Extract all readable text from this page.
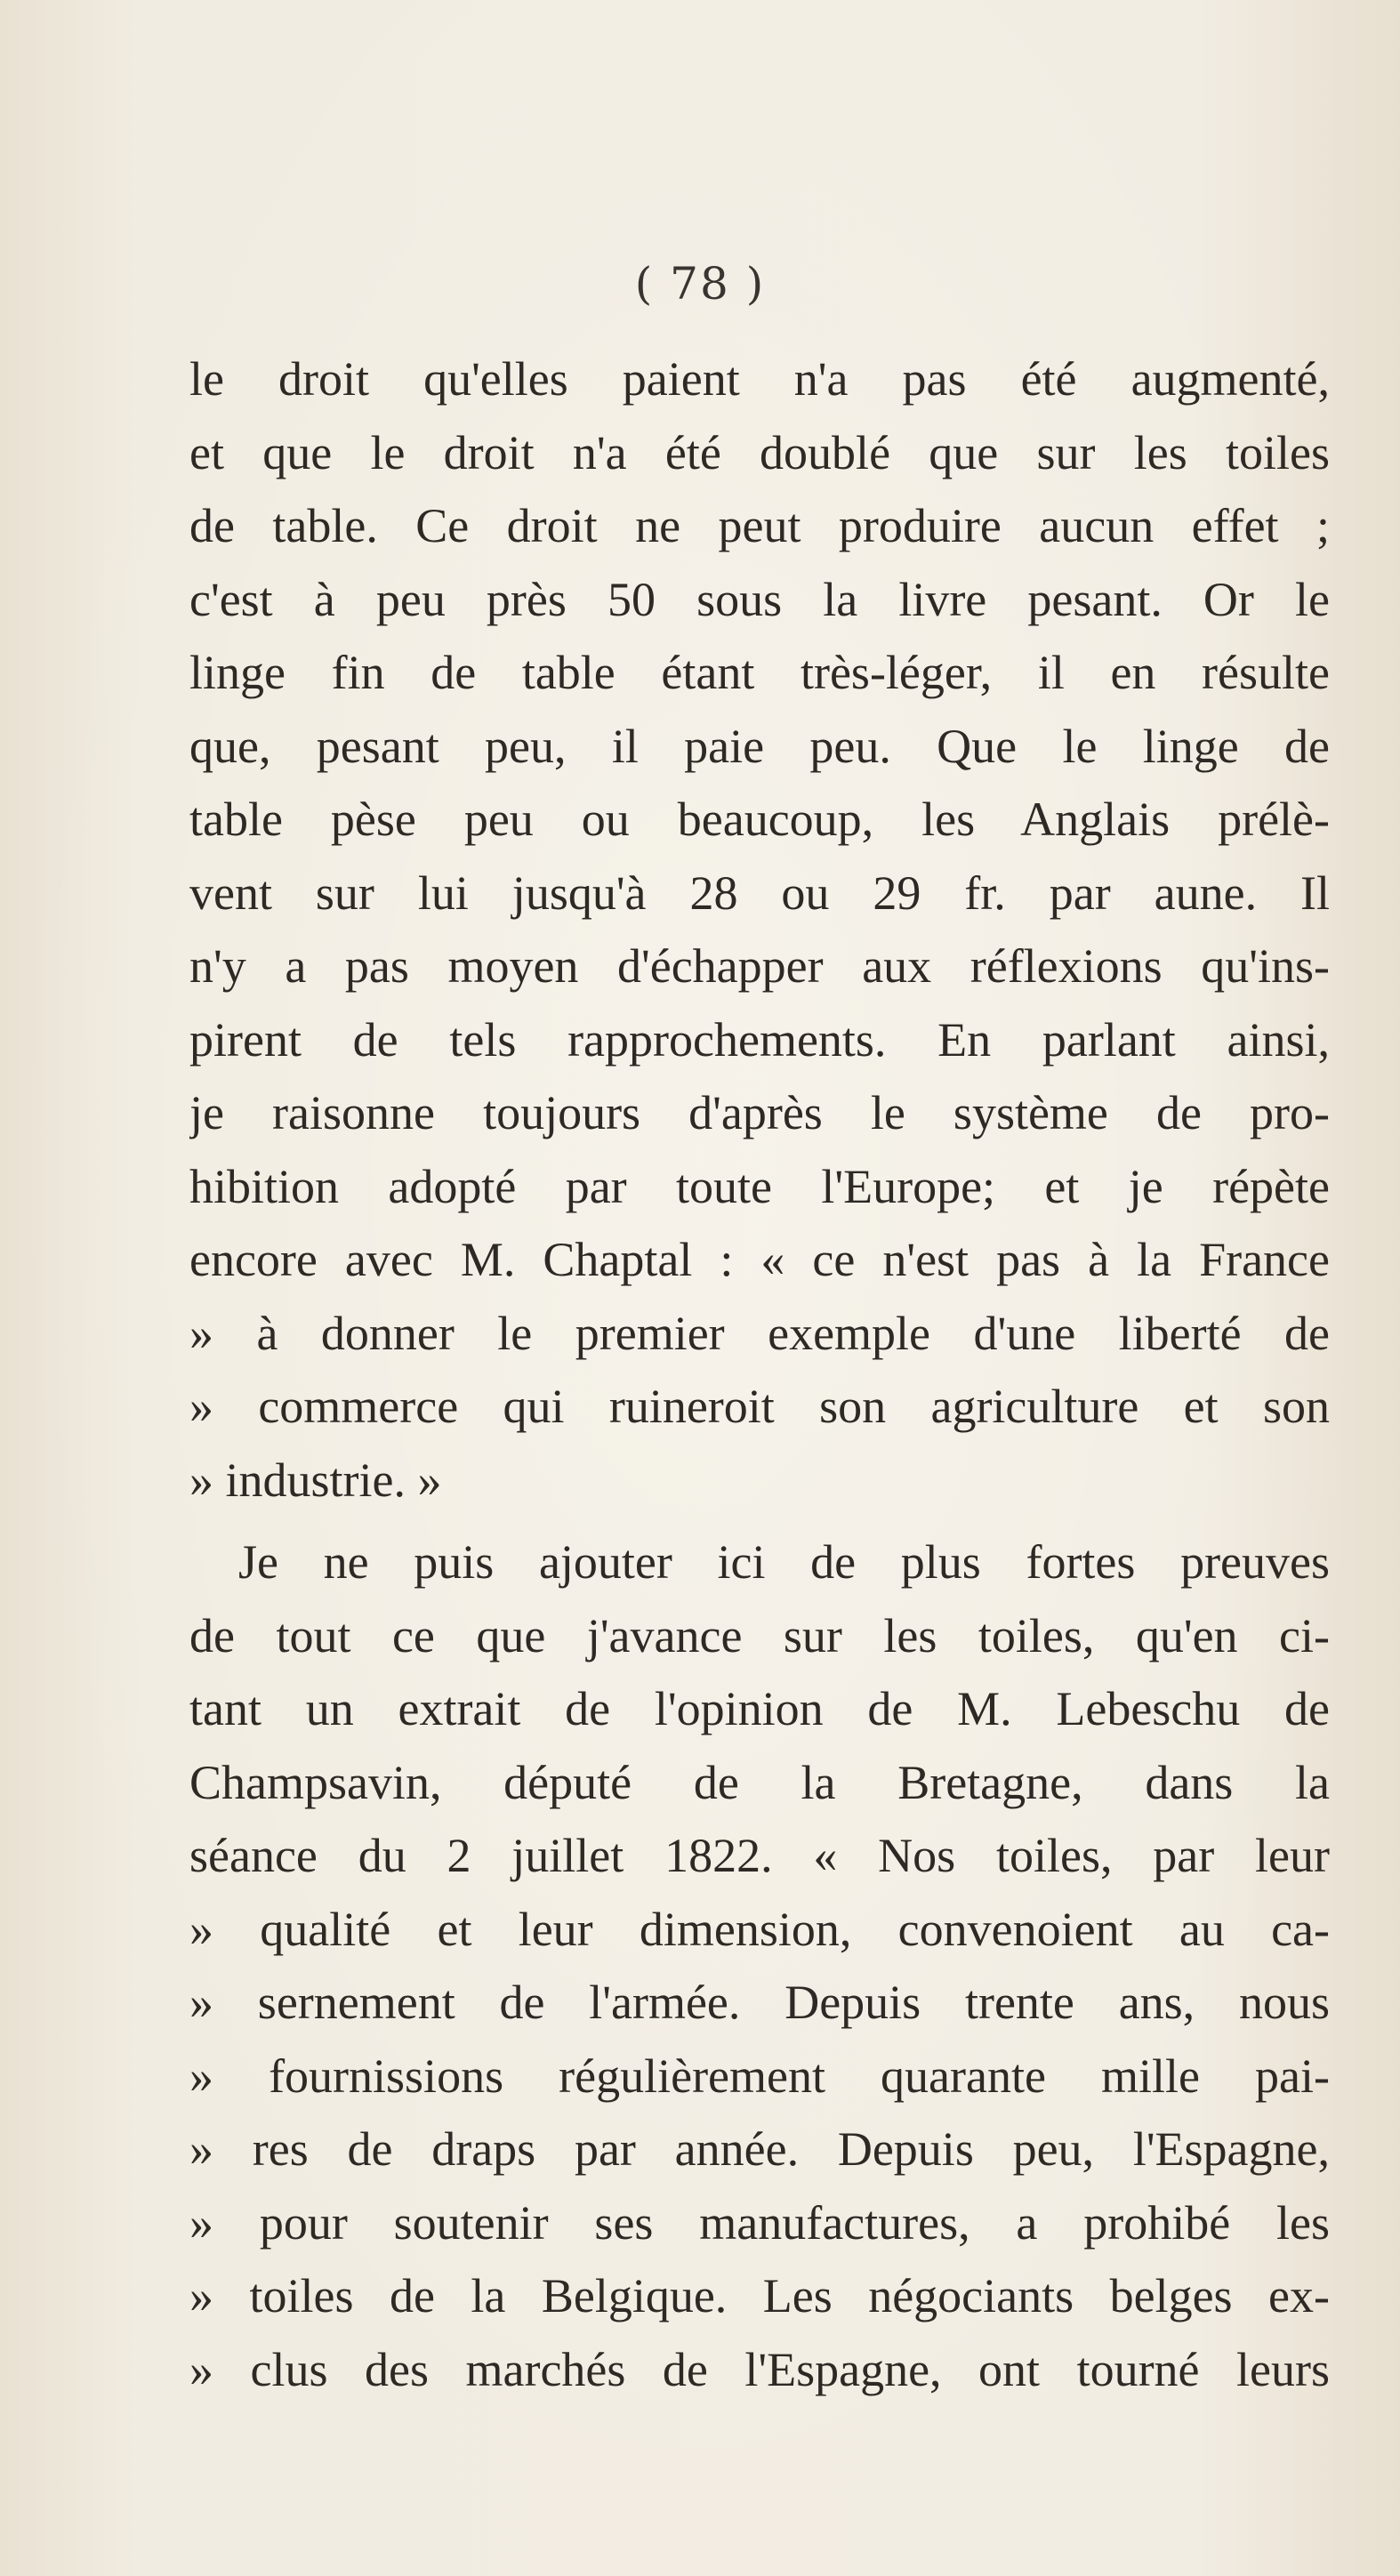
( 78 )
le droit qu'elles paient n'a pas été augmenté,
et que le droit n'a été doublé que sur les toiles
de table. Ce droit ne peut produire aucun effet ;
c'est à peu près 50 sous la livre pesant. Or le
linge fin de table étant très-léger, il en résulte
que, pesant peu, il paie peu. Que le linge de
table pèse peu ou beaucoup, les Anglais prélè-
vent sur lui jusqu'à 28 ou 29 fr. par aune. Il
n'y a pas moyen d'échapper aux réflexions qu'ins-
pirent de tels rapprochements. En parlant ainsi,
je raisonne toujours d'après le système de pro-
hibition adopté par toute l'Europe; et je répète
encore avec M. Chaptal : « ce n'est pas à la France
» à donner le premier exemple d'une liberté de
» commerce qui ruineroit son agriculture et son
» industrie. »
Je ne puis ajouter ici de plus fortes preuves
de tout ce que j'avance sur les toiles, qu'en ci-
tant un extrait de l'opinion de M. Lebeschu de
Champsavin, député de la Bretagne, dans la
séance du 2 juillet 1822. « Nos toiles, par leur
» qualité et leur dimension, convenoient au ca-
» sernement de l'armée. Depuis trente ans, nous
» fournissions régulièrement quarante mille pai-
» res de draps par année. Depuis peu, l'Espagne,
» pour soutenir ses manufactures, a prohibé les
» toiles de la Belgique. Les négociants belges ex-
» clus des marchés de l'Espagne, ont tourné leurs
